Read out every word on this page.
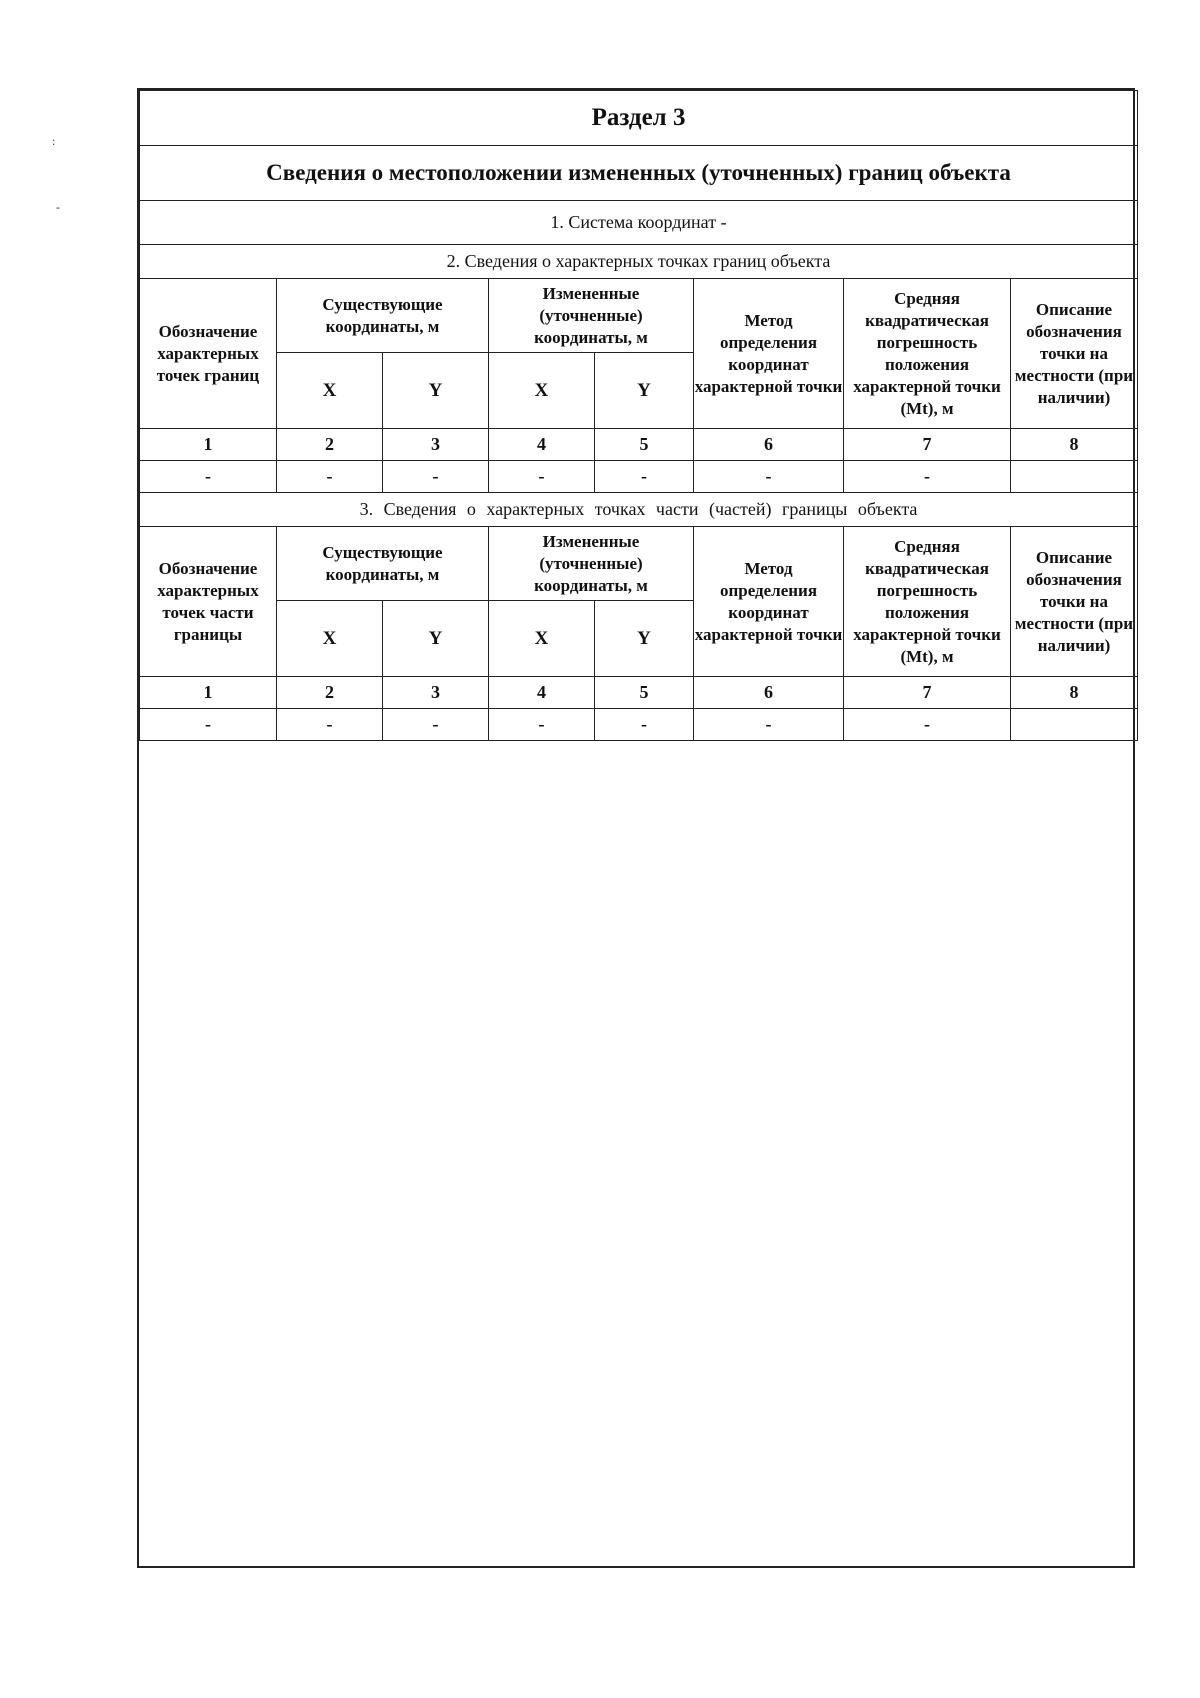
:
-
Раздел 3							
Сведения о местоположении измененных (уточненных) границ объекта							
1. Система координат -							
2. Сведения о характерных точках границ объекта							
Обозначение характерных точек границ	Существующие координаты, м		Измененные (уточненные) координаты, м		Метод определения координат характерной точки	Средняя квадратическая погрешность положения характерной точки (Mt), м	Описание обозначения точки на местности (при наличии)
	X	Y	X	Y			
1	2	3	4	5	6	7	8
-	-	-	-	-	-	-	
3. Сведения о характерных точках части (частей) границы объекта							
Обозначение характерных точек части границы	Существующие координаты, м		Измененные (уточненные) координаты, м		Метод определения координат характерной точки	Средняя квадратическая погрешность положения характерной точки (Mt), м	Описание обозначения точки на местности (при наличии)
	X	Y	X	Y			
1	2	3	4	5	6	7	8
-	-	-	-	-	-	-	
